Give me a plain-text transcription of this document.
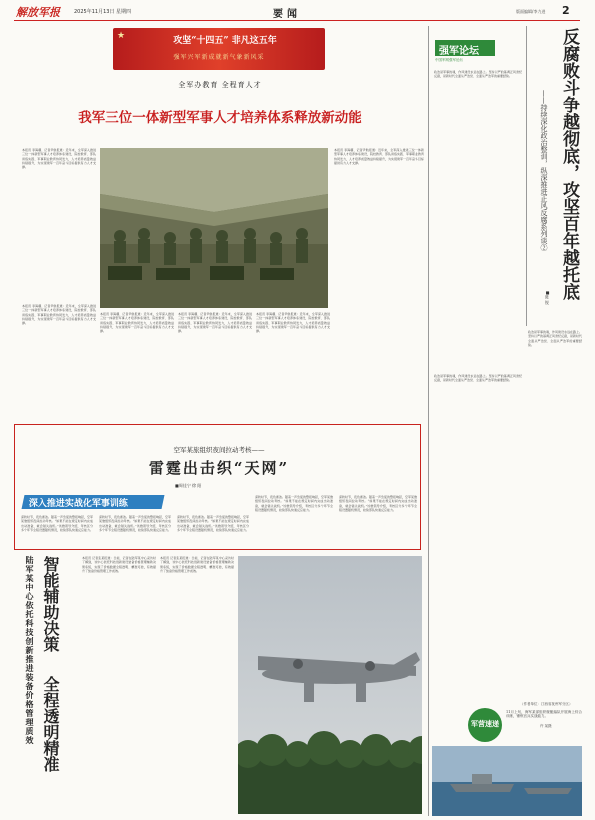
解放军报	2025年11月13日 星期四	要闻	版面编辑/李力进 2
★	攻坚“十四五” 非凡这五年
强军兴军新成就新气象新风采
全军办教育 全程育人才
我军三位一体新型军事人才培养体系释放新动能
本报讯 李海疆、记者尹航报道：近年来，全军深入推进三位一体新型军事人才培养体系建设，院校教育、部队训练实践、军事职业教育协同发力，人才培养质量效益持续提升，为实现建军一百年奋斗目标提供有力人才支撑。
本报讯 李海疆、记者尹航报道：近年来，全军深入推进三位一体新型军事人才培养体系建设，院校教育、部队训练实践、军事职业教育协同发力，人才培养质量效益持续提升，为实现建军一百年奋斗目标提供有力人才支撑。
本报讯 李海疆、记者尹航报道：近年来，全军深入推进三位一体新型军事人才培养体系建设，院校教育、部队训练实践、军事职业教育协同发力，人才培养质量效益持续提升，为实现建军一百年奋斗目标提供有力人才支撑。
本报讯 李海疆、记者尹航报道：近年来，全军深入推进三位一体新型军事人才培养体系建设，院校教育、部队训练实践、军事职业教育协同发力，人才培养质量效益持续提升，为实现建军一百年奋斗目标提供有力人才支撑。
本报讯 李海疆、记者尹航报道：近年来，全军深入推进三位一体新型军事人才培养体系建设，院校教育、部队训练实践、军事职业教育协同发力，人才培养质量效益持续提升，为实现建军一百年奋斗目标提供有力人才支撑。
本报讯 李海疆、记者尹航报道：近年来，全军深入推进三位一体新型军事人才培养体系建设，院校教育、部队训练实践、军事职业教育协同发力，人才培养质量效益持续提升，为实现建军一百年奋斗目标提供有力人才支撑。
空军某旅组织夜间拉动考核——
雷霆出击织“天网”
■周佳宁 徐 阳
深入推进实战化军事训练
深秋时节，夜色渐浓。随着一声急促的警报响起，空军某旅组织夜间拉动考核。“如果不能在规定时间内完成出动准备，就会错失战机。”该旅领导介绍，考核区分多个环节全程设置随机情况，检验部队快速反应能力。
深秋时节，夜色渐浓。随着一声急促的警报响起，空军某旅组织夜间拉动考核。“如果不能在规定时间内完成出动准备，就会错失战机。”该旅领导介绍，考核区分多个环节全程设置随机情况，检验部队快速反应能力。
深秋时节，夜色渐浓。随着一声急促的警报响起，空军某旅组织夜间拉动考核。“如果不能在规定时间内完成出动准备，就会错失战机。”该旅领导介绍，考核区分多个环节全程设置随机情况，检验部队快速反应能力。
深秋时节，夜色渐浓。随着一声急促的警报响起，空军某旅组织夜间拉动考核。“如果不能在规定时间内完成出动准备，就会错失战机。”该旅领导介绍，考核区分多个环节全程设置随机情况，检验部队快速反应能力。
深秋时节，夜色渐浓。随着一声急促的警报响起，空军某旅组织夜间拉动考核。“如果不能在规定时间内完成出动准备，就会错失战机。”该旅领导介绍，考核区分多个环节全程设置随机情况，检验部队快速反应能力。
陆军某中心依托科技创新推进装备价格管理质效 智能辅助决策
全程透明精准
本报讯 记者张某报道：日前，记者在陆军某中心采访时了解到，该中心依托科技创新建设装备价格管理辅助决策系统，实现了价格数据全程透明、精准可控，有效提升了装备价格管理工作质效。
本报讯 记者张某报道：日前，记者在陆军某中心采访时了解到，该中心依托科技创新建设装备价格管理辅助决策系统，实现了价格数据全程透明、精准可控，有效提升了装备价格管理工作质效。
强军论坛
中国军网强军论坛
政治是军事的魂，作风建设永远在路上。坚持以严的基调正风肃纪反腐，是新时代全面从严治党、全面从严治军的重要经验。
政治是军事的魂，作风建设永远在路上。坚持以严的基调正风肃纪反腐，是新时代全面从严治党、全面从严治军的重要经验。
政治是军事的魂，作风建设永远在路上。坚持以严的基调正风肃纪反腐，是新时代全面从严治党、全面从严治军的重要经验。
（作者单位：江西省抚州军分区）
反腐败斗争越彻底，攻坚百年越托底
——持续深化政治整训，纵深推进正风反腐系列谈②
■陈 锐
军营速递
11月上旬，海军某部组织舰艇编队开展海上综合训练，锤炼官兵实战能力。
许 某摄
